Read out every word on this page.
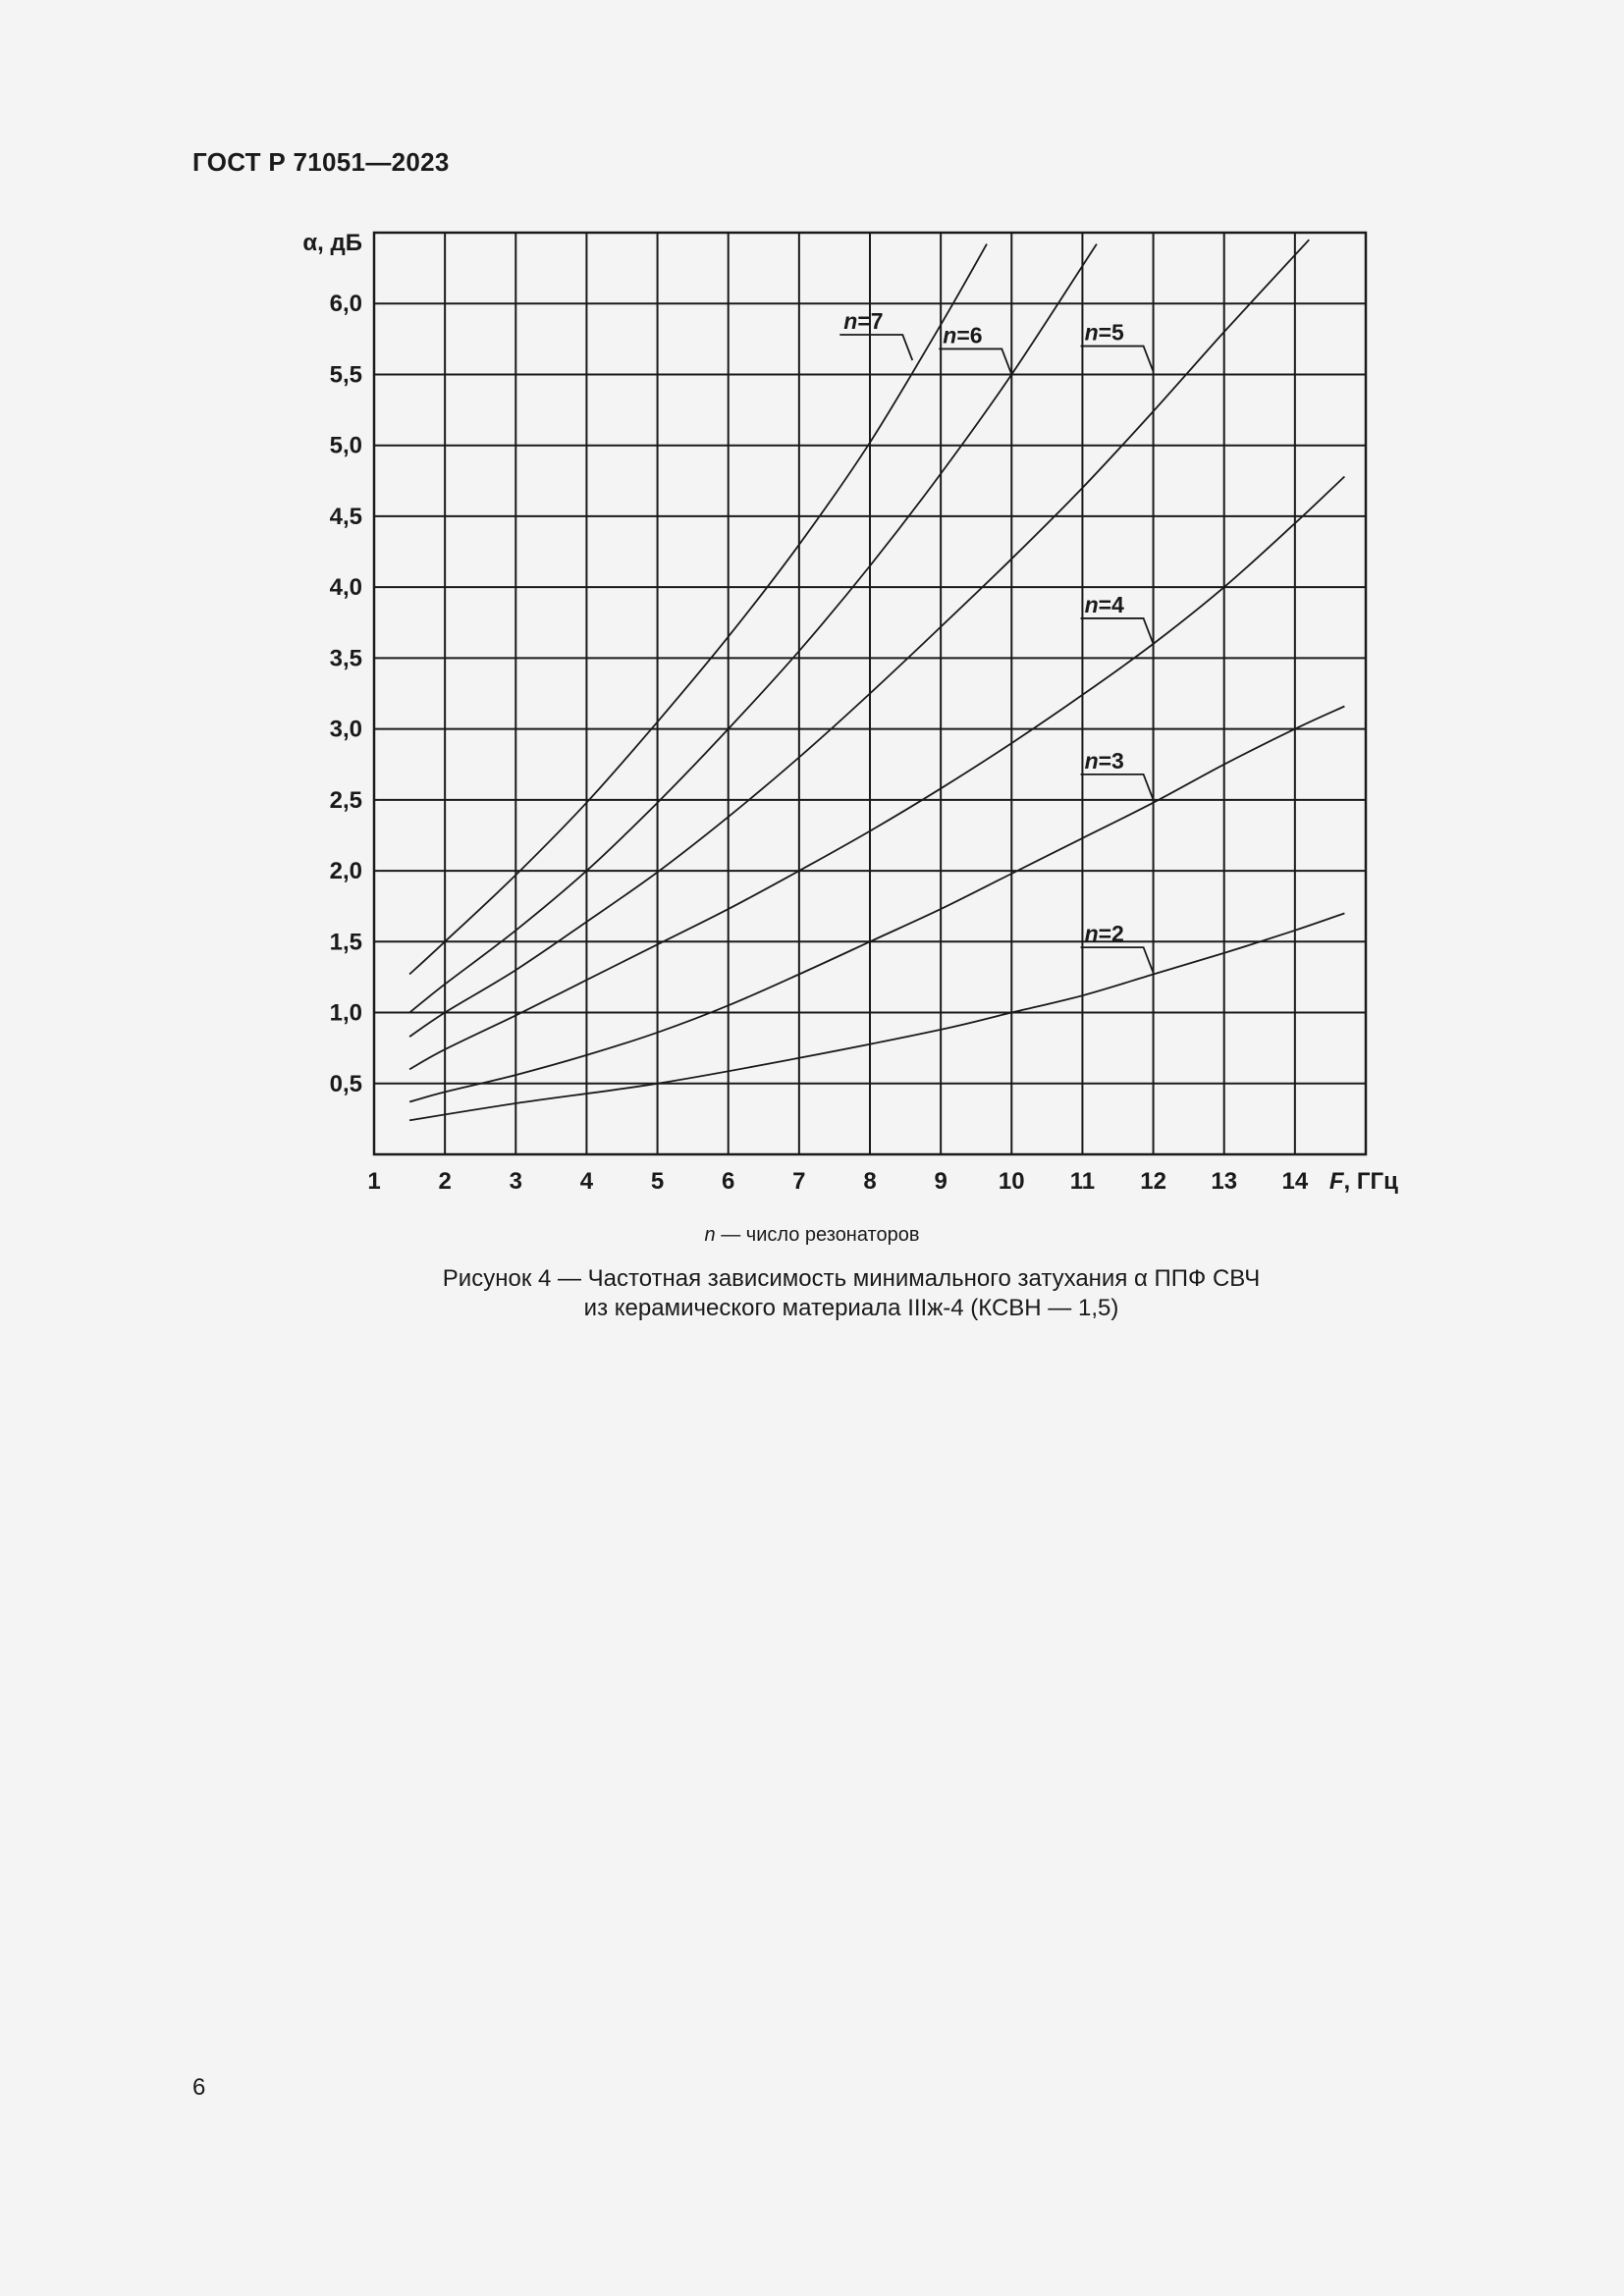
ГОСТ Р 71051—2023
1 2 3 4 5 6 7 8 9 10 11 12 13 14
0,5
1,0
1,5
2,0
2,5
3,0
3,5
4,0
4,5
5,0
5,5
6,0
n=2
n=3
n=4
n=5
n=6
n=7
α, дБ
F, ГГц
n — число резонаторов
Рисунок 4 — Частотная зависимость минимального затухания α ППФ СВЧ
из керамического материала IIIж-4 (КСВН — 1,5)
6
